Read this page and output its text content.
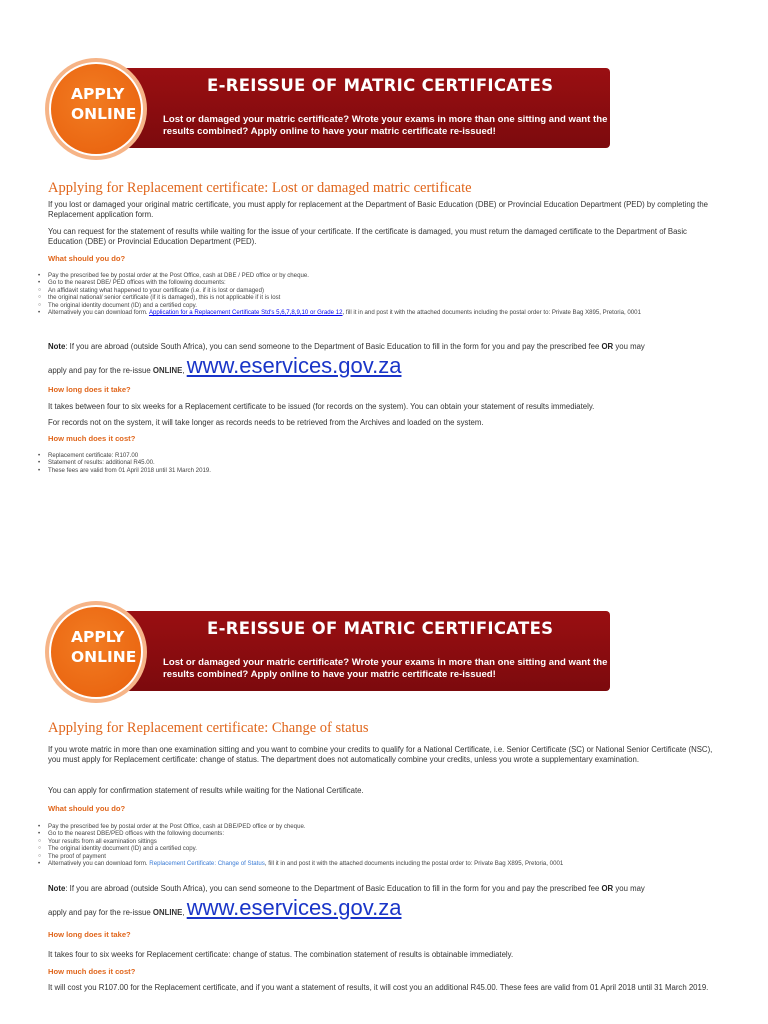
E-REISSUE OF MATRIC CERTIFICATES
Lost or damaged your matric certificate? Wrote your exams in more than one sitting and want the results combined? Apply online to have your matric certificate re-issued!
APPLY
ONLINE
Applying for Replacement certificate: Lost or damaged matric certificate

If you lost or damaged your original matric certificate, you must apply for replacement at the Department of Basic Education (DBE) or Provincial Education Department (PED) by completing the Replacement application form.

You can request for the statement of results while waiting for the issue of your certificate. If the certificate is damaged, you must return the damaged certificate to the Department of Basic Education (DBE) or Provincial Education Department (PED).

What should you do?

• Pay the prescribed fee by postal order at the Post Office, cash at DBE / PED office or by cheque.
• Go to the nearest DBE/ PED offices with the following documents:
○ An affidavit stating what happened to your certificate (i.e. if it is lost or damaged)
○ the original national/ senior certificate (if it is damaged), this is not applicable if it is lost
○ The original identity document (ID) and a certified copy.
• Alternatively you can download form. Application for a Replacement Certificate Std's 5,6,7,8,9,10 or Grade 12, fill it in and post it with the attached documents including the postal order to: Private Bag X895, Pretoria, 0001

Note: If you are abroad (outside South Africa), you can send someone to the Department of Basic Education to fill in the form for you and pay the prescribed fee OR you may

apply and pay for the re-issue ONLINE, www.eservices.gov.za

How long does it take?

It takes between four to six weeks for a Replacement certificate to be issued (for records on the system). You can obtain your statement of results immediately.

For records not on the system, it will take longer as records needs to be retrieved from the Archives and loaded on the system.

How much does it cost?

• Replacement certificate: R107.00
• Statement of results: additional R45.00.
• These fees are valid from 01 April 2018 until 31 March 2019.
E-REISSUE OF MATRIC CERTIFICATES
Lost or damaged your matric certificate? Wrote your exams in more than one sitting and want the results combined? Apply online to have your matric certificate re-issued!
APPLY
ONLINE
Applying for Replacement certificate: Change of status

If you wrote matric in more than one examination sitting and you want to combine your credits to qualify for a National Certificate, i.e. Senior Certificate (SC) or National Senior Certificate (NSC), you must apply for Replacement certificate: change of status. The department does not automatically combine your credits, unless you wrote a supplementary examination.

You can apply for confirmation statement of results while waiting for the National Certificate.

What should you do?

• Pay the prescribed fee by postal order at the Post Office, cash at DBE/PED office or by cheque.
• Go to the nearest DBE/PED offices with the following documents:
○ Your results from all examination sittings
○ The original identity document (ID) and a certified copy.
○ The proof of payment
• Alternatively you can download form. Replacement Certificate: Change of Status, fill it in and post it with the attached documents including the postal order to: Private Bag X895, Pretoria, 0001

Note: If you are abroad (outside South Africa), you can send someone to the Department of Basic Education to fill in the form for you and pay the prescribed fee OR you may

apply and pay for the re-issue ONLINE, www.eservices.gov.za

How long does it take?

It takes four to six weeks for Replacement certificate: change of status. The combination statement of results is obtainable immediately.

How much does it cost?

It will cost you R107.00 for the Replacement certificate, and if you want a statement of results, it will cost you an additional R45.00. These fees are valid from 01 April 2018 until 31 March 2019.
